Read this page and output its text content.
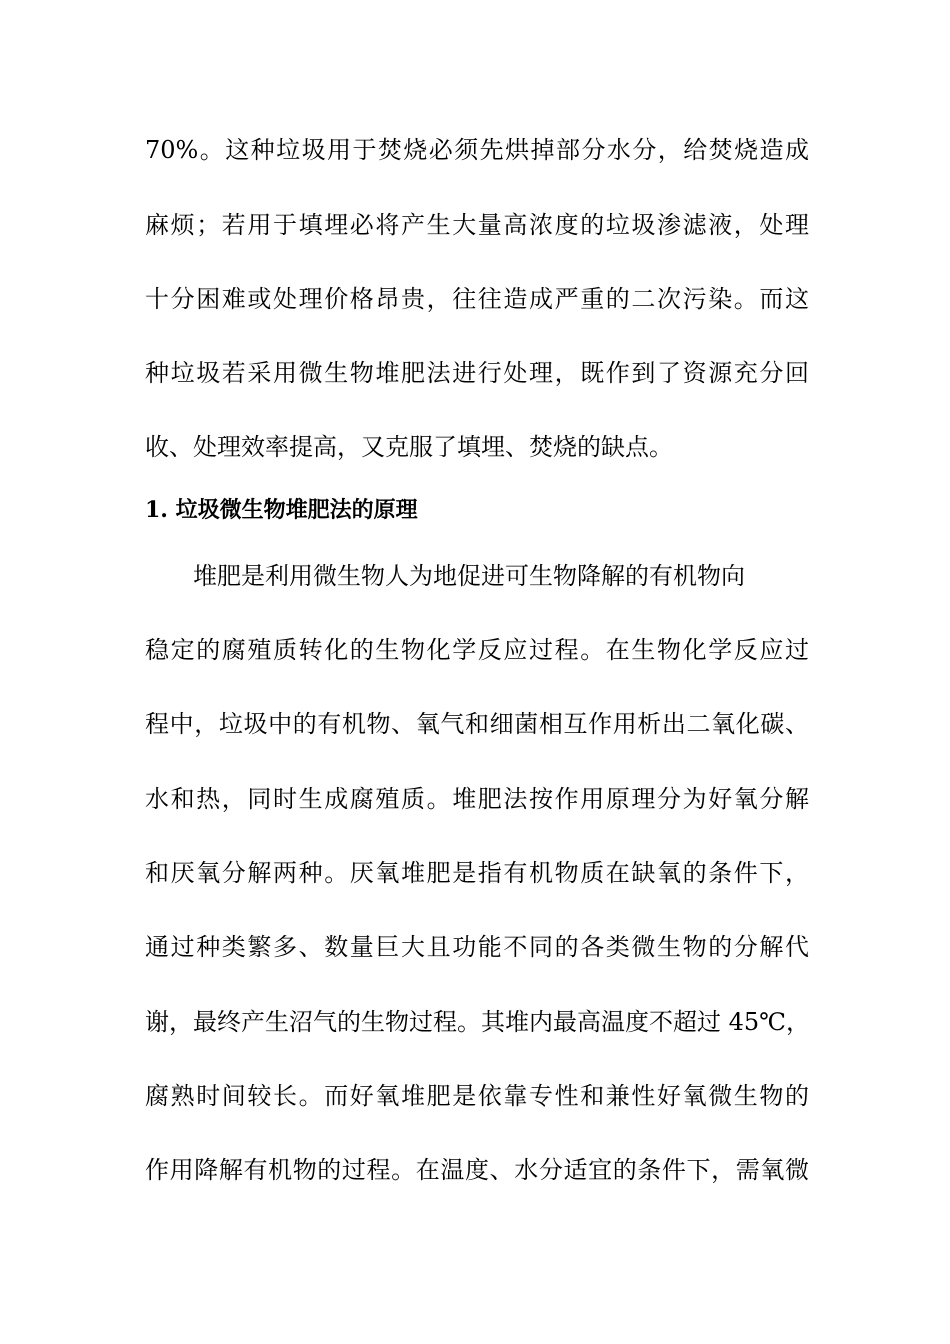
70%。这种垃圾用于焚烧必须先烘掉部分水分，给焚烧造成
麻烦；若用于填埋必将产生大量高浓度的垃圾渗滤液，处理
十分困难或处理价格昂贵，往往造成严重的二次污染。而这
种垃圾若采用微生物堆肥法进行处理，既作到了资源充分回
收、处理效率提高，又克服了填埋、焚烧的缺点。
1. 垃圾微生物堆肥法的原理
堆肥是利用微生物人为地促进可生物降解的有机物向
稳定的腐殖质转化的生物化学反应过程。在生物化学反应过
程中，垃圾中的有机物、氧气和细菌相互作用析出二氧化碳、
水和热，同时生成腐殖质。堆肥法按作用原理分为好氧分解
和厌氧分解两种。厌氧堆肥是指有机物质在缺氧的条件下，
通过种类繁多、数量巨大且功能不同的各类微生物的分解代
谢，最终产生沼气的生物过程。其堆内最高温度不超过 45℃，
腐熟时间较长。而好氧堆肥是依靠专性和兼性好氧微生物的
作用降解有机物的过程。在温度、水分适宜的条件下，需氧微
